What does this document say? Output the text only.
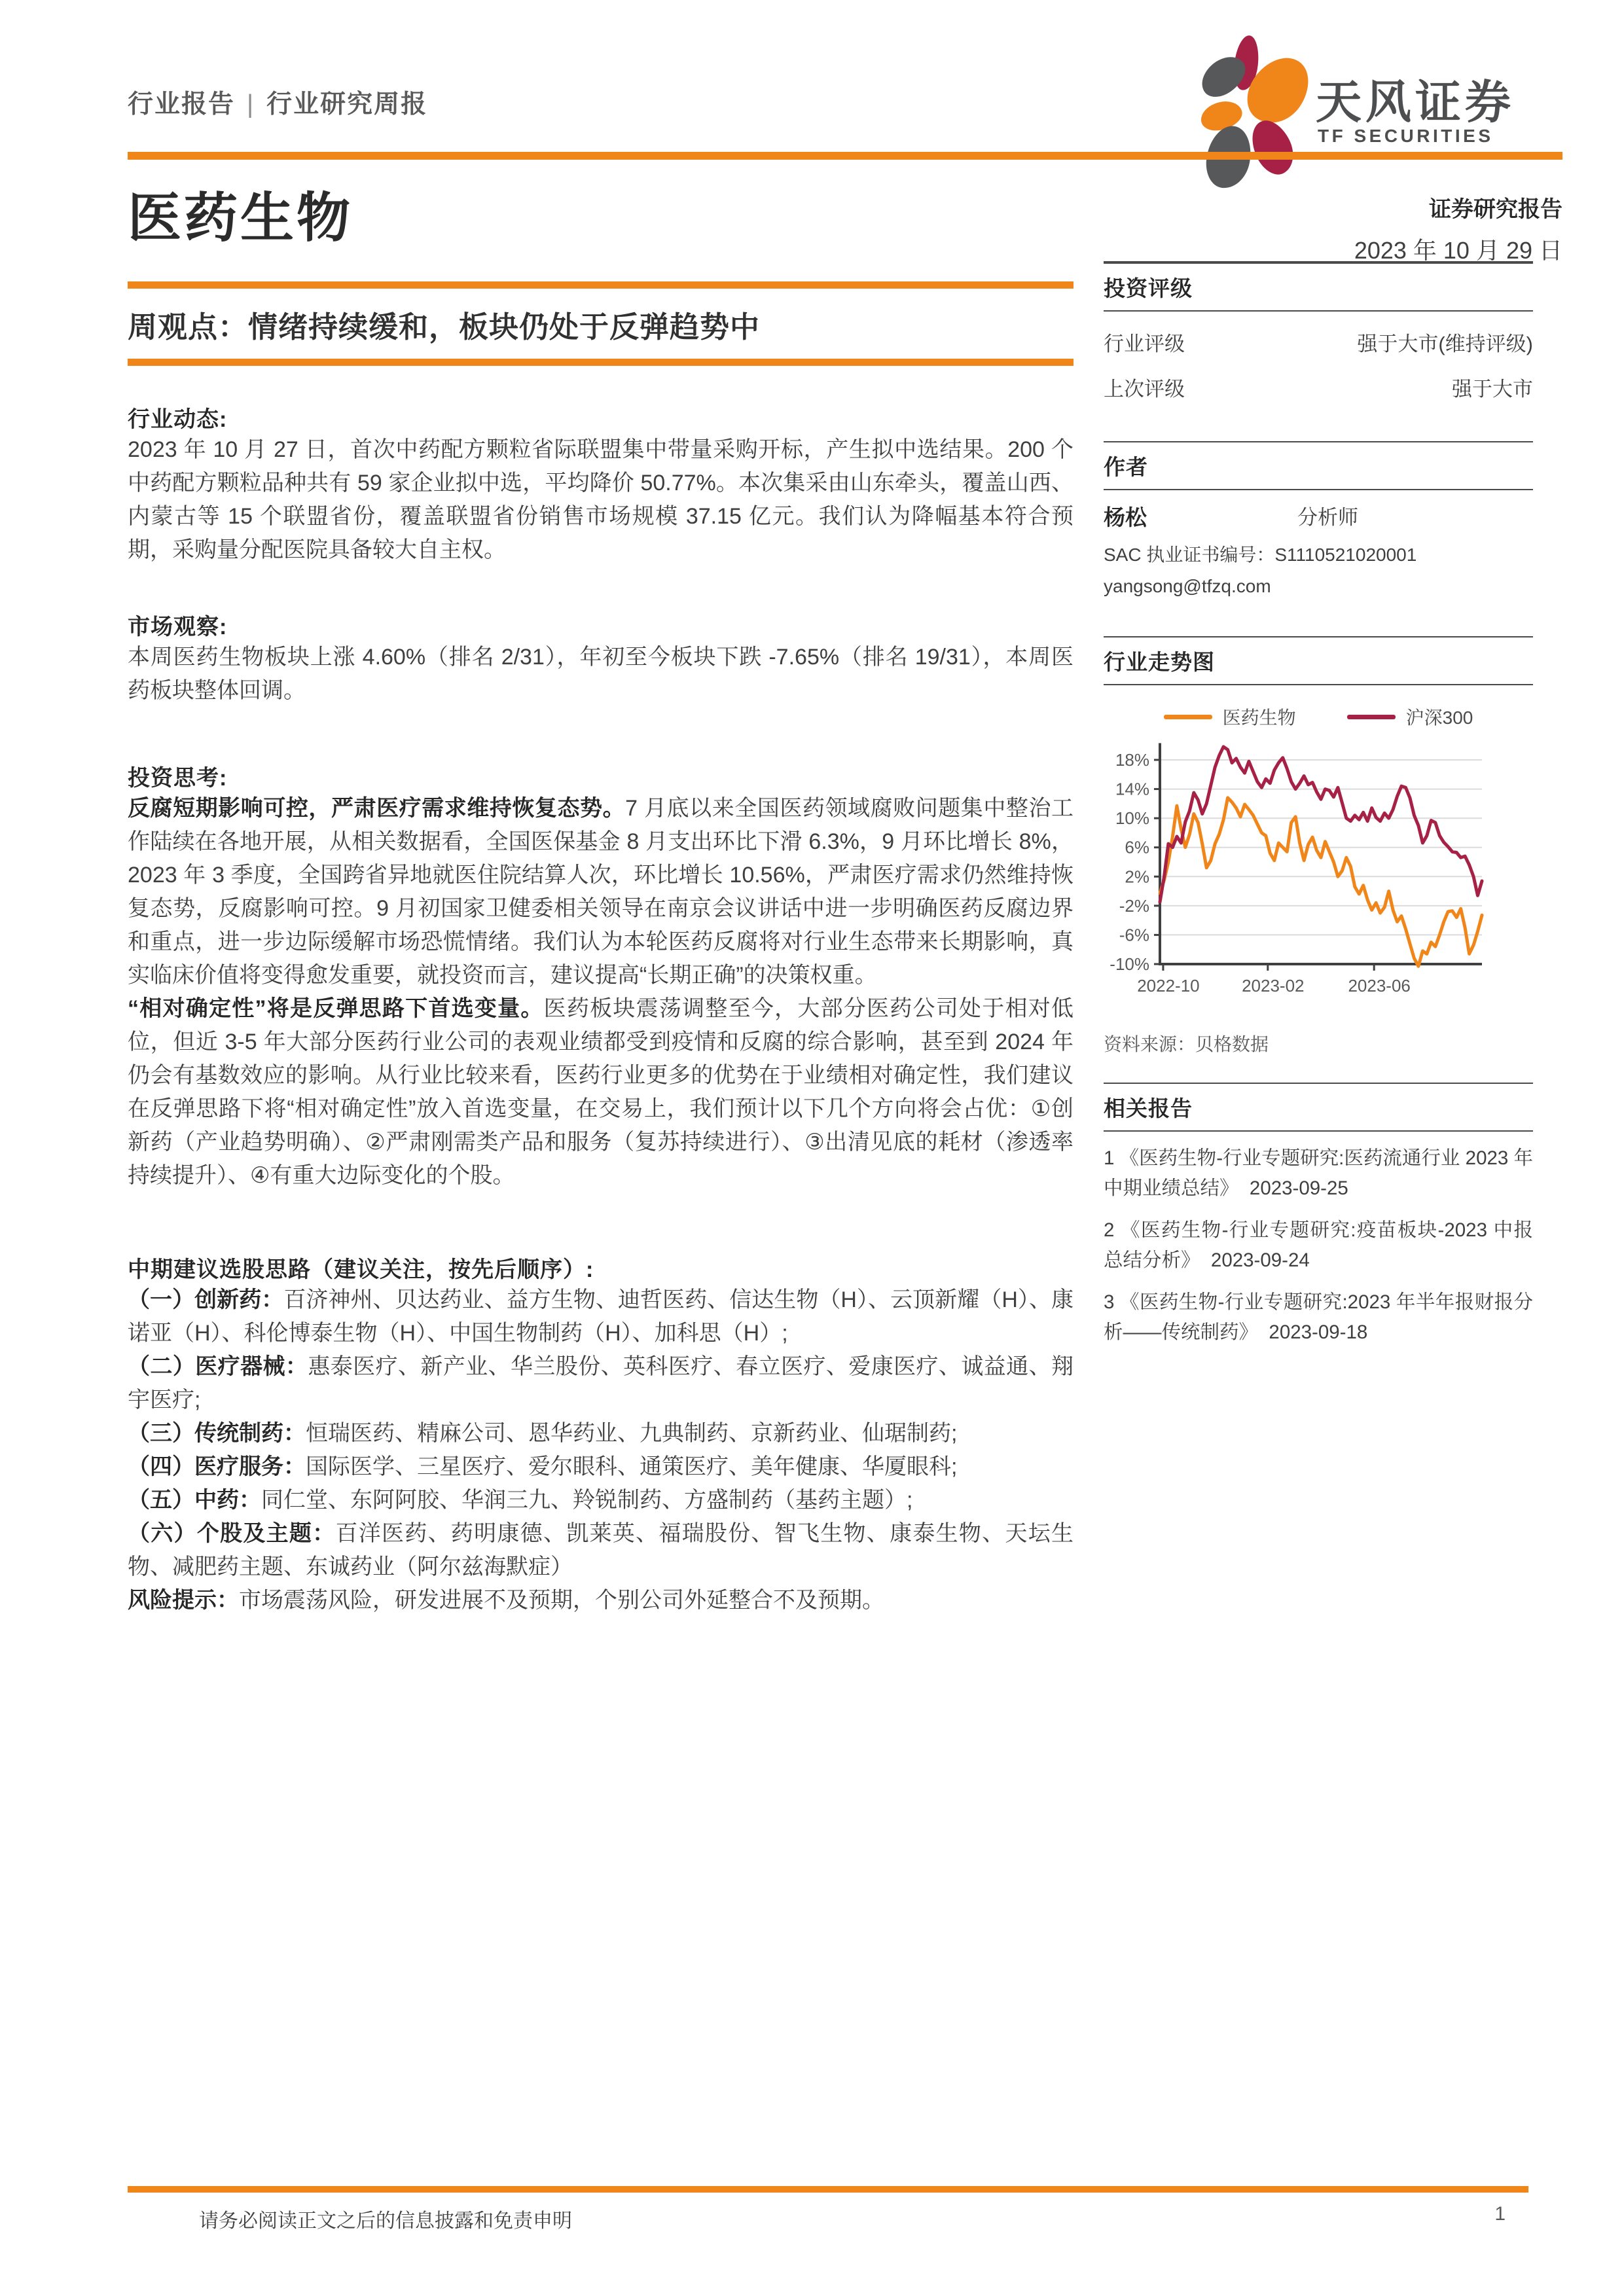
行业报告 | 行业研究周报	天风证券
TF SECURITIES
医药生物	证券研究报告
2023 年 10 月 29 日
周观点：情绪持续缓和，板块仍处于反弹趋势中
行业动态:

2023 年 10 月 27 日，首次中药配方颗粒省际联盟集中带量采购开标，产生拟中选结果。200 个中药配方颗粒品种共有 59 家企业拟中选，平均降价 50.77%。本次集采由山东牵头，覆盖山西、内蒙古等 15 个联盟省份，覆盖联盟省份销售市场规模 37.15 亿元。我们认为降幅基本符合预期，采购量分配医院具备较大自主权。

市场观察:

本周医药生物板块上涨 4.60%（排名 2/31），年初至今板块下跌 -7.65%（排名 19/31），本周医药板块整体回调。

投资思考:

反腐短期影响可控，严肃医疗需求维持恢复态势。7 月底以来全国医药领域腐败问题集中整治工作陆续在各地开展，从相关数据看，全国医保基金 8 月支出环比下滑 6.3%，9 月环比增长 8%，2023 年 3 季度，全国跨省异地就医住院结算人次，环比增长 10.56%，严肃医疗需求仍然维持恢复态势，反腐影响可控。9 月初国家卫健委相关领导在南京会议讲话中进一步明确医药反腐边界和重点，进一步边际缓解市场恐慌情绪。我们认为本轮医药反腐将对行业生态带来长期影响，真实临床价值将变得愈发重要，就投资而言，建议提高“长期正确”的决策权重。

“相对确定性”将是反弹思路下首选变量。医药板块震荡调整至今，大部分医药公司处于相对低位，但近 3-5 年大部分医药行业公司的表观业绩都受到疫情和反腐的综合影响，甚至到 2024 年仍会有基数效应的影响。从行业比较来看，医药行业更多的优势在于业绩相对确定性，我们建议在反弹思路下将“相对确定性”放入首选变量，在交易上，我们预计以下几个方向将会占优：①创新药（产业趋势明确）、②严肃刚需类产品和服务（复苏持续进行）、③出清见底的耗材（渗透率持续提升）、④有重大边际变化的个股。

中期建议选股思路（建议关注，按先后顺序）:

（一）创新药：百济神州、贝达药业、益方生物、迪哲医药、信达生物（H）、云顶新耀（H）、康诺亚（H）、科伦博泰生物（H）、中国生物制药（H）、加科思（H）;

（二）医疗器械：惠泰医疗、新产业、华兰股份、英科医疗、春立医疗、爱康医疗、诚益通、翔宇医疗;

（三）传统制药：恒瑞医药、精麻公司、恩华药业、九典制药、京新药业、仙琚制药;

（四）医疗服务：国际医学、三星医疗、爱尔眼科、通策医疗、美年健康、华厦眼科;

（五）中药：同仁堂、东阿阿胶、华润三九、羚锐制药、方盛制药（基药主题）;

（六）个股及主题：百洋医药、药明康德、凯莱英、福瑞股份、智飞生物、康泰生物、天坛生物、减肥药主题、东诚药业（阿尔兹海默症）

风险提示：市场震荡风险，研发进展不及预期，个别公司外延整合不及预期。

投资评级
行业评级	强于大市(维持评级)
上次评级	强于大市
作者
杨松	分析师
SAC 执业证书编号：S1110521020001
yangsong@tfzq.com
行业走势图
医药生物	沪深300
18%
14%
10%
6%
2%
-2%
-6%
-10%
2022-10 2023-02	2023-06
资料来源：贝格数据
相关报告

1 《医药生物-行业专题研究:医药流通行业 2023 年中期业绩总结》 2023-09-25

2 《医药生物-行业专题研究:疫苗板块-2023 中报总结分析》 2023-09-24

3 《医药生物-行业专题研究:2023 年半年报财报分析——传统制药》 2023-09-18

请务必阅读正文之后的信息披露和免责申明	1
